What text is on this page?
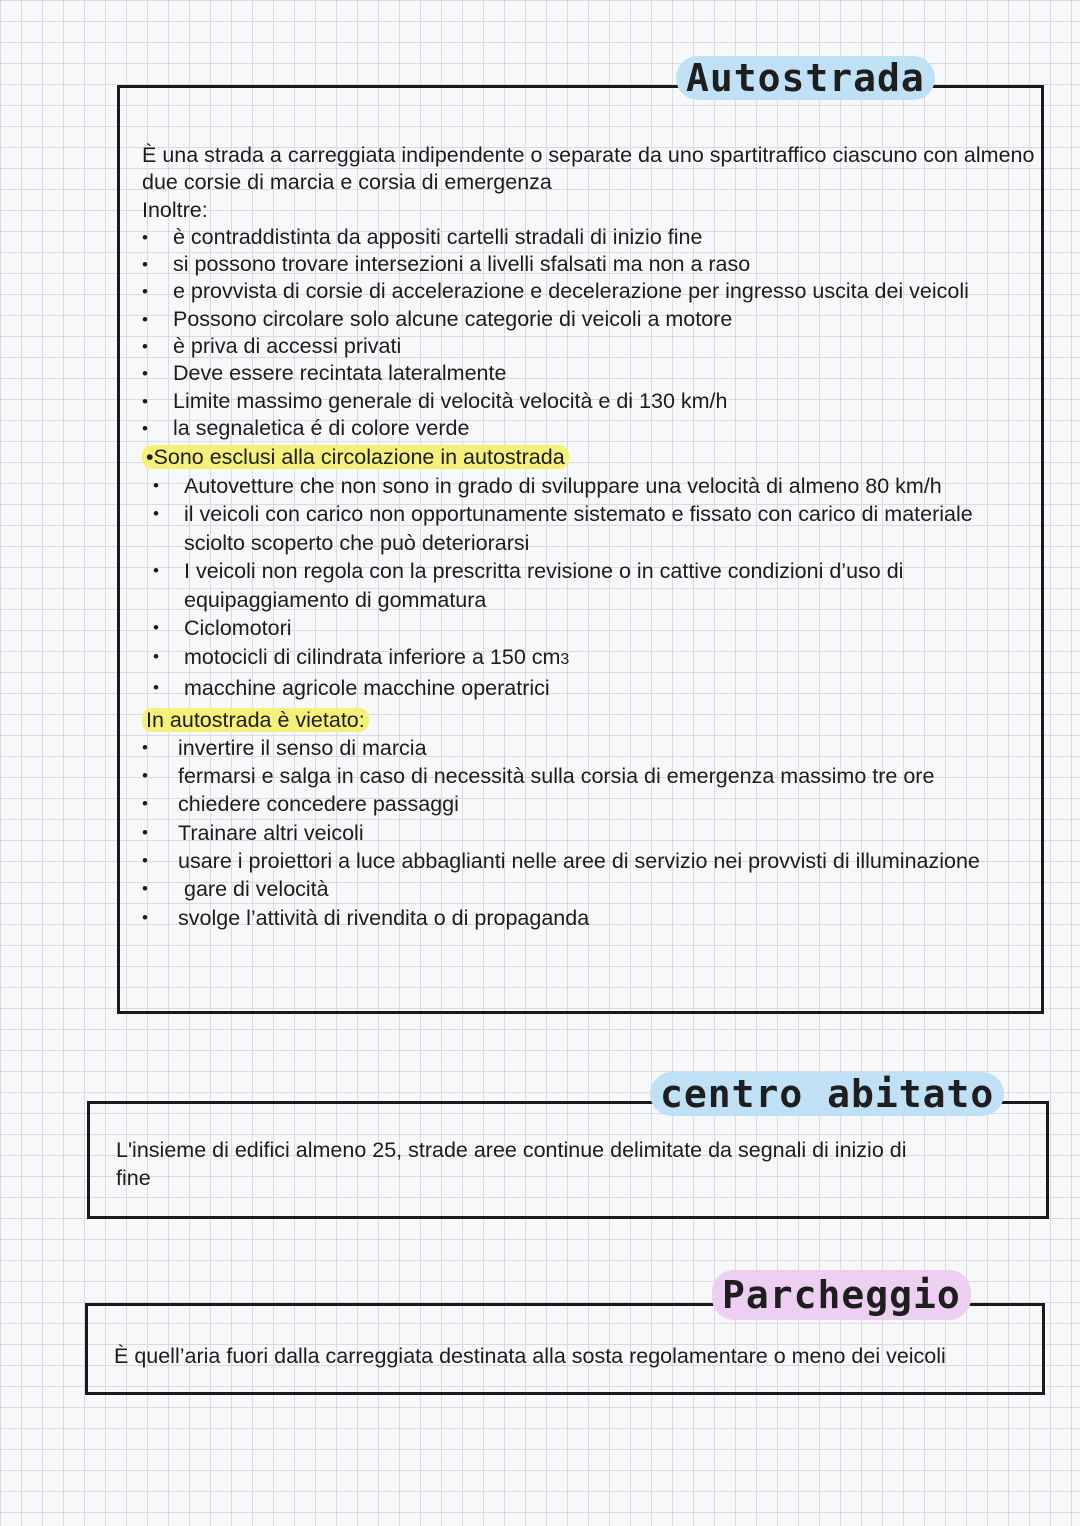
Autostrada

È una strada a carreggiata indipendente o separate da uno spartitraffico ciascuno con almeno due corsie di marcia e corsia di emergenza

Inoltre:

• è contraddistinta da appositi cartelli stradali di inizio fine
• si possono trovare intersezioni a livelli sfalsati ma non a raso
• e provvista di corsie di accelerazione e decelerazione per ingresso uscita dei veicoli
• Possono circolare solo alcune categorie di veicoli a motore
• è priva di accessi privati
• Deve essere recintata lateralmente
• Limite massimo generale di velocità velocità e di 130 km/h
• la segnaletica é di colore verde
•Sono esclusi alla circolazione in autostrada
• Autovetture che non sono in grado di sviluppare una velocità di almeno 80 km/h
• il veicoli con carico non opportunamente sistemato e fissato con carico di materiale sciolto scoperto che può deteriorarsi
• I veicoli non regola con la prescritta revisione o in cattive condizioni d’uso di equipaggiamento di gommatura
• Ciclomotori
• motocicli di cilindrata inferiore a 150 cm3
• macchine agricole macchine operatrici
In autostrada è vietato:
• invertire il senso di marcia
• fermarsi e salga in caso di necessità sulla corsia di emergenza massimo tre ore
• chiedere concedere passaggi
• Trainare altri veicoli
• usare i proiettori a luce abbaglianti nelle aree di servizio nei provvisti di illuminazione
• gare di velocità
• svolge l’attività di rivendita o di propaganda
centro abitato
L'insieme di edifici almeno 25, strade aree continue delimitate da segnali di inizio di fine
Parcheggio
È quell’aria fuori dalla carreggiata destinata alla sosta regolamentare o meno dei veicoli
